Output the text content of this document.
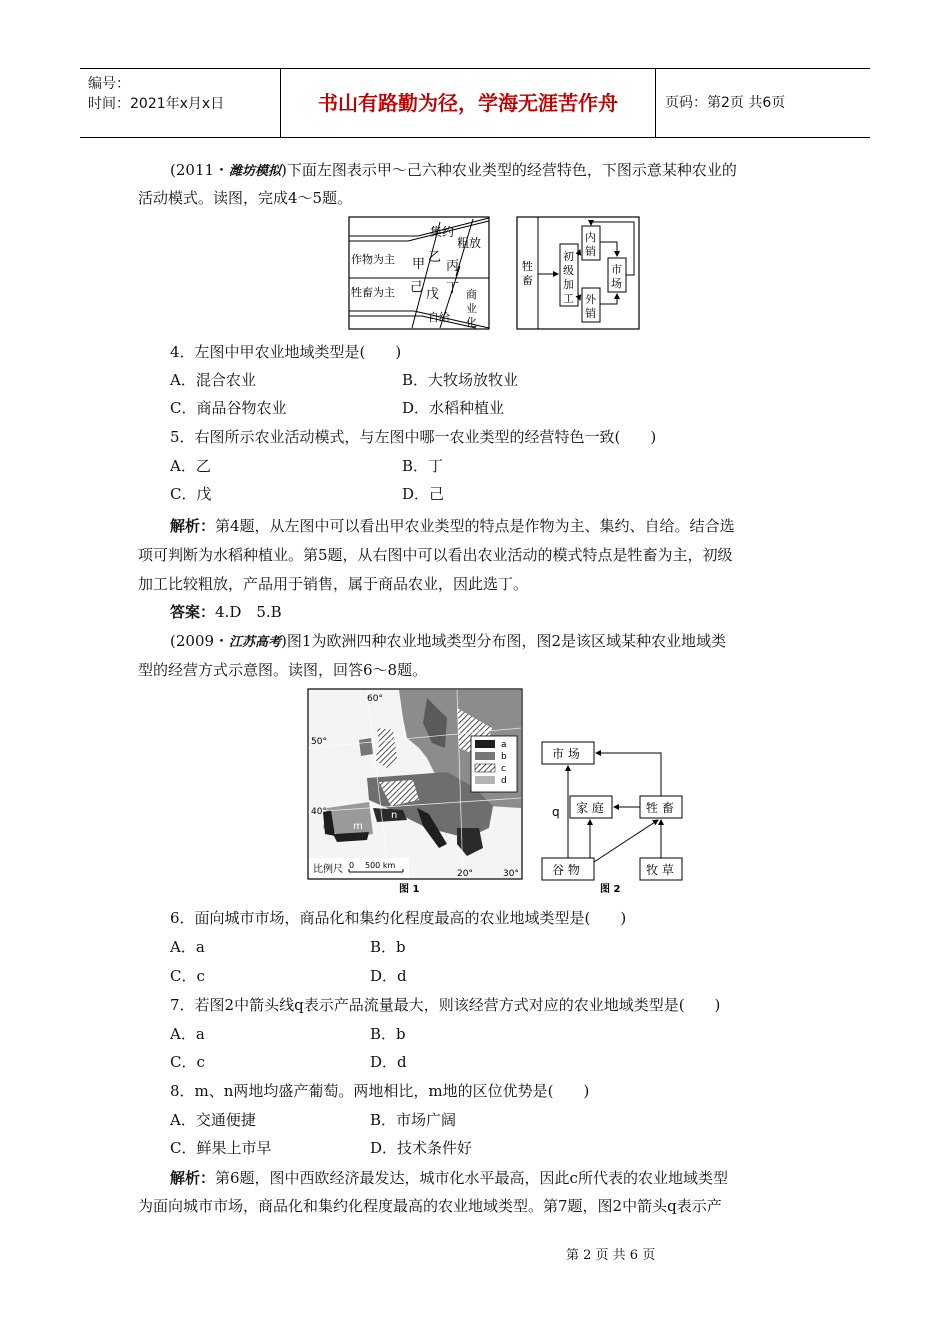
编号：
时间：2021年x月x日	书山有路勤为径，学海无涯苦作舟	页码：第2页 共6页
(2011・潍坊模拟)下面左图表示甲～己六种农业类型的经营特色，下图示意某种农业的
活动模式。读图，完成4～5题。
集约
粗放
作物为主
牲畜为主
甲 乙
丙
己 戊 丁 商
业
化
自给
牲
畜
初
级
加
工
内
销
外
销
市
场
4．左图中甲农业地域类型是(　　)
A．混合农业	B．大牧场放牧业
C．商品谷物农业	D．水稻种植业
5．右图所示农业活动模式，与左图中哪一农业类型的经营特色一致(　　)
A．乙	B．丁
C．戊	D．己
解析：第4题，从左图中可以看出甲农业类型的特点是作物为主、集约、自给。结合选
项可判断为水稻种植业。第5题，从右图中可以看出农业活动的模式特点是牲畜为主，初级
加工比较粗放，产品用于销售，属于商品农业，因此选丁。
答案：4.D　5.B
(2009・江苏高考)图1为欧洲四种农业地域类型分布图，图2是该区域某种农业地域类
型的经营方式示意图。读图，回答6～8题。
60°
50°
40°
20°	30°
m
n
a
b
c
d
比例尺 0 500 km
图 1
市 场
家 庭	牲 畜
谷 物	牧 草
q
图 2
6．面向城市市场，商品化和集约化程度最高的农业地域类型是(　　)
A．a	B．b
C．c	D．d
7．若图2中箭头线q表示产品流量最大，则该经营方式对应的农业地域类型是(　　)
A．a	B．b
C．c	D．d
8．m、n两地均盛产葡萄。两地相比，m地的区位优势是(　　)
A．交通便捷	B．市场广阔
C．鲜果上市早	D．技术条件好
解析：第6题，图中西欧经济最发达，城市化水平最高，因此c所代表的农业地域类型
为面向城市市场，商品化和集约化程度最高的农业地域类型。第7题，图2中箭头q表示产
第 2 页 共 6 页
